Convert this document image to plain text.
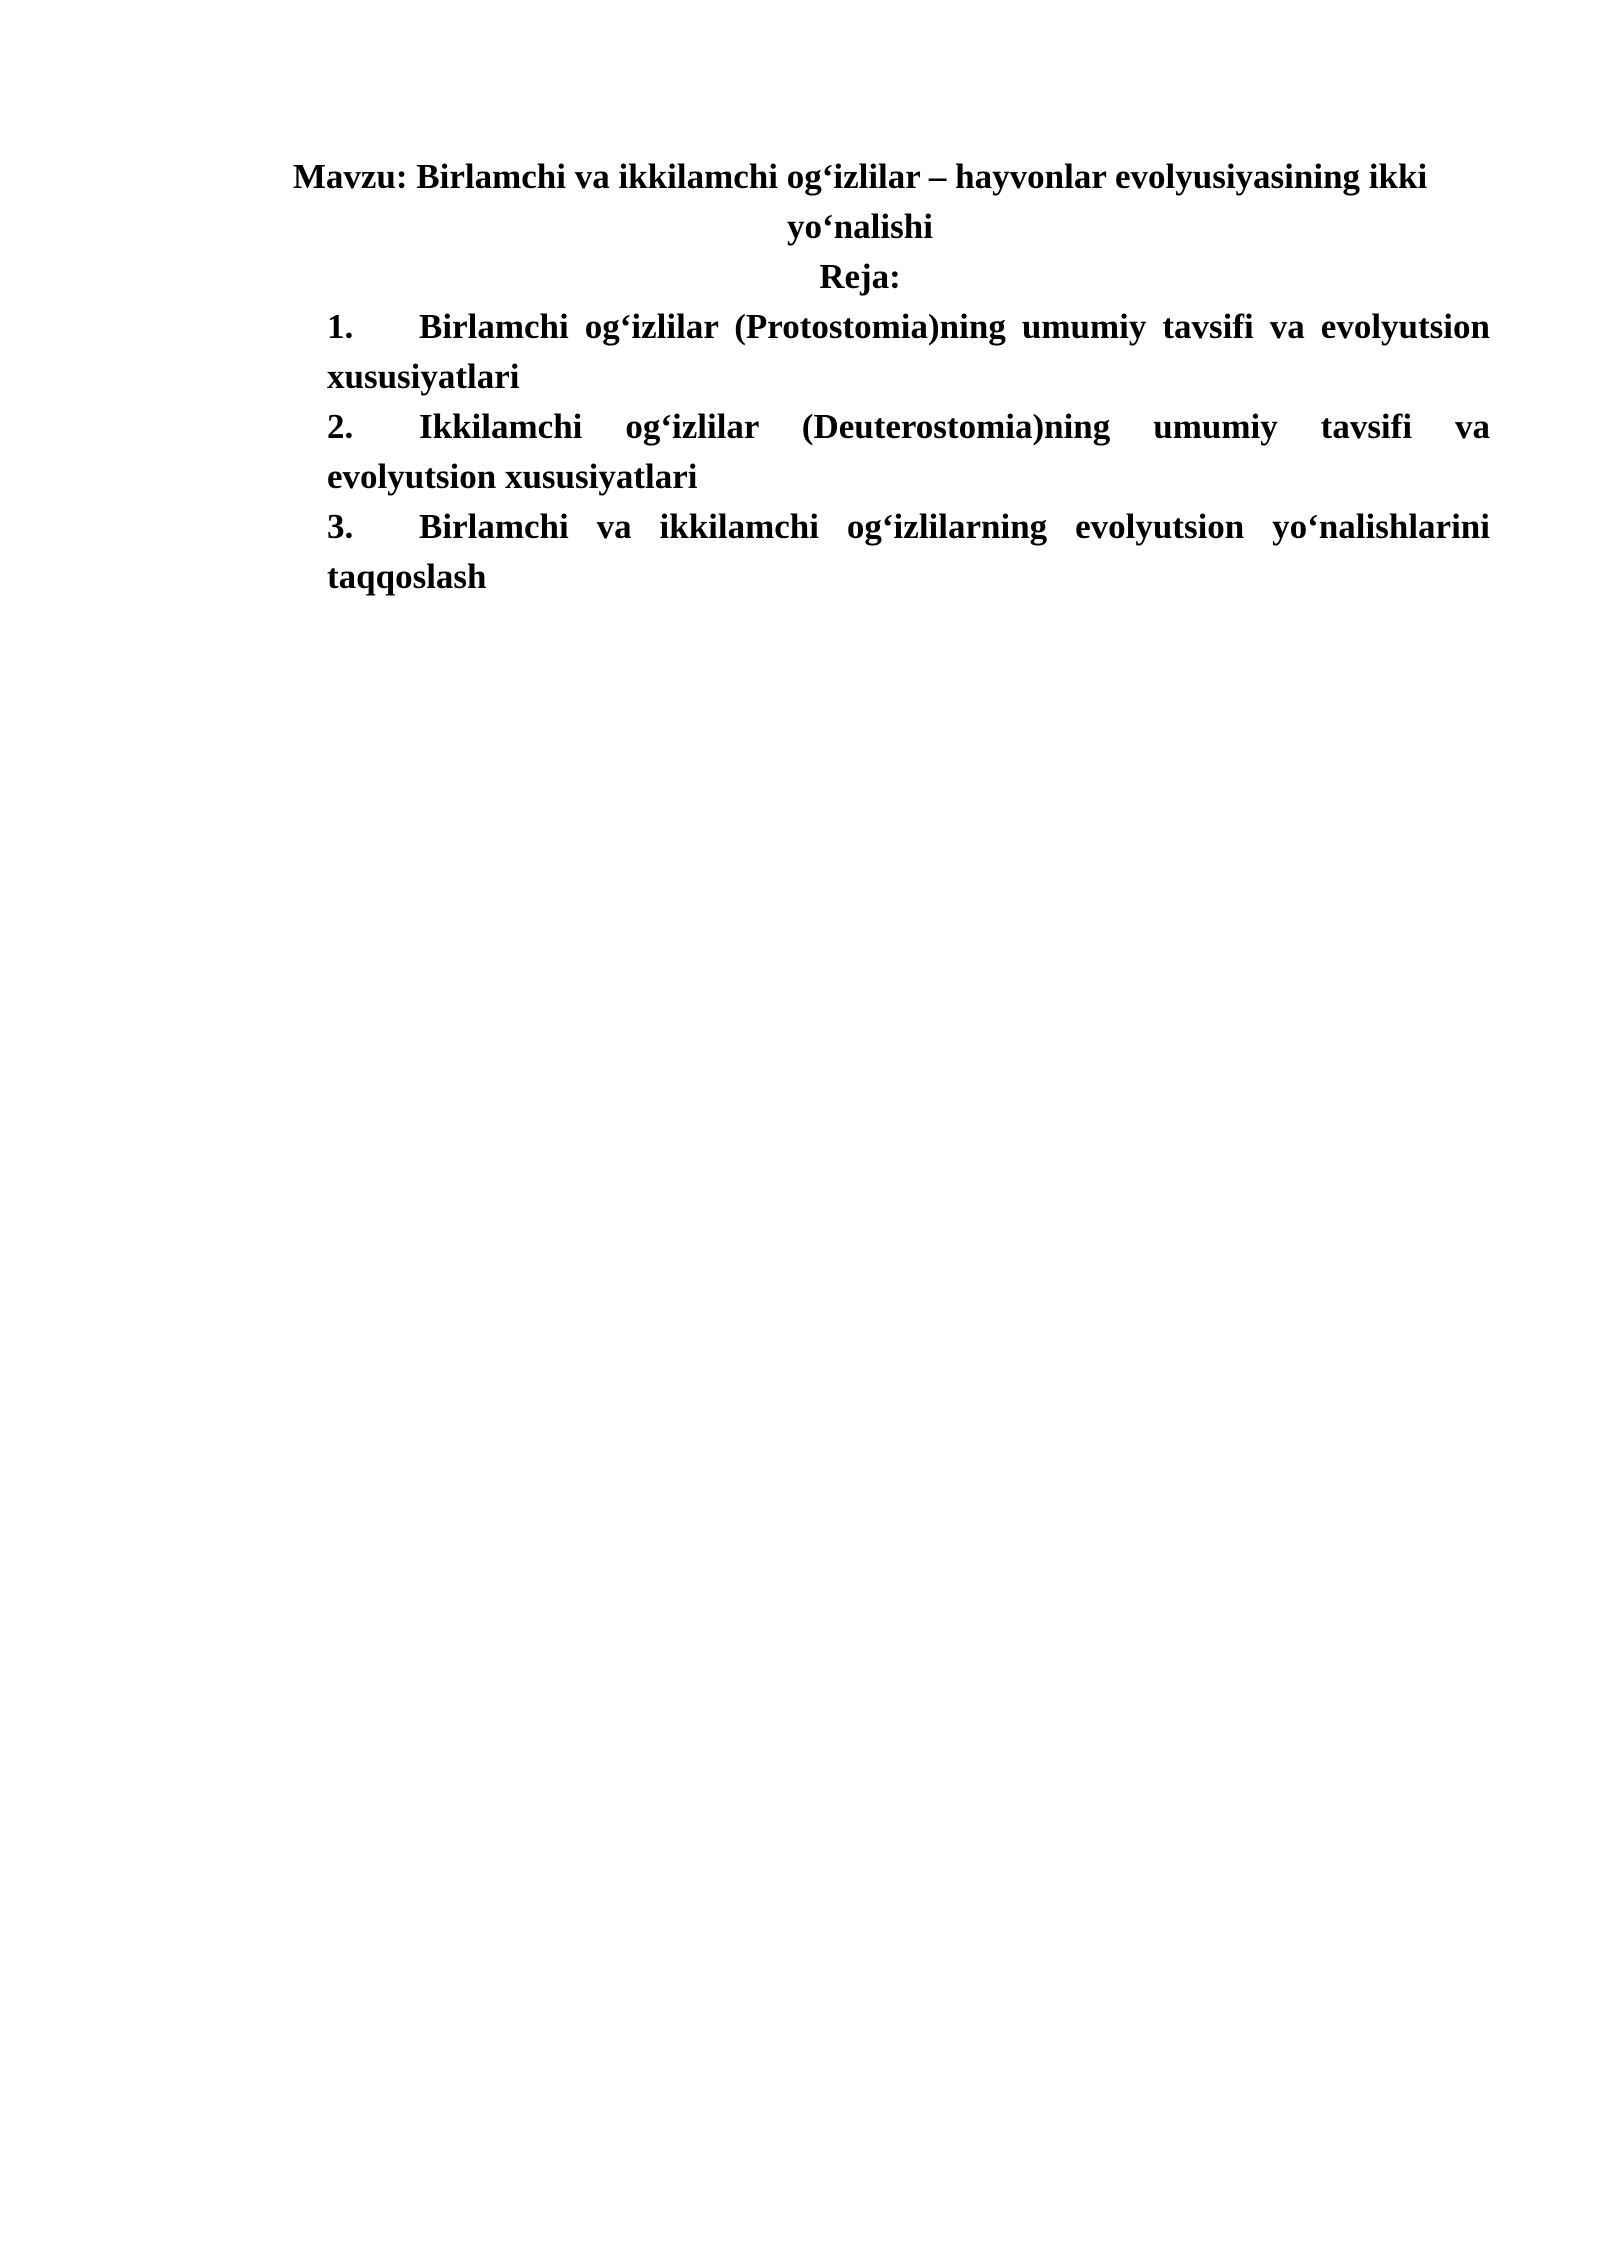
Mavzu: Birlamchi va ikkilamchi og‘izlilar – hayvonlar evolyusiyasining ikki yo‘nalishi
Reja:
1. Birlamchi og‘izlilar (Protostomia)ning umumiy tavsifi va evolyutsion xususiyatlari
2. Ikkilamchi og‘izlilar (Deuterostomia)ning umumiy tavsifi va evolyutsion xususiyatlari
3. Birlamchi va ikkilamchi og‘izlilarning evolyutsion yo‘nalishlarini taqqoslash
